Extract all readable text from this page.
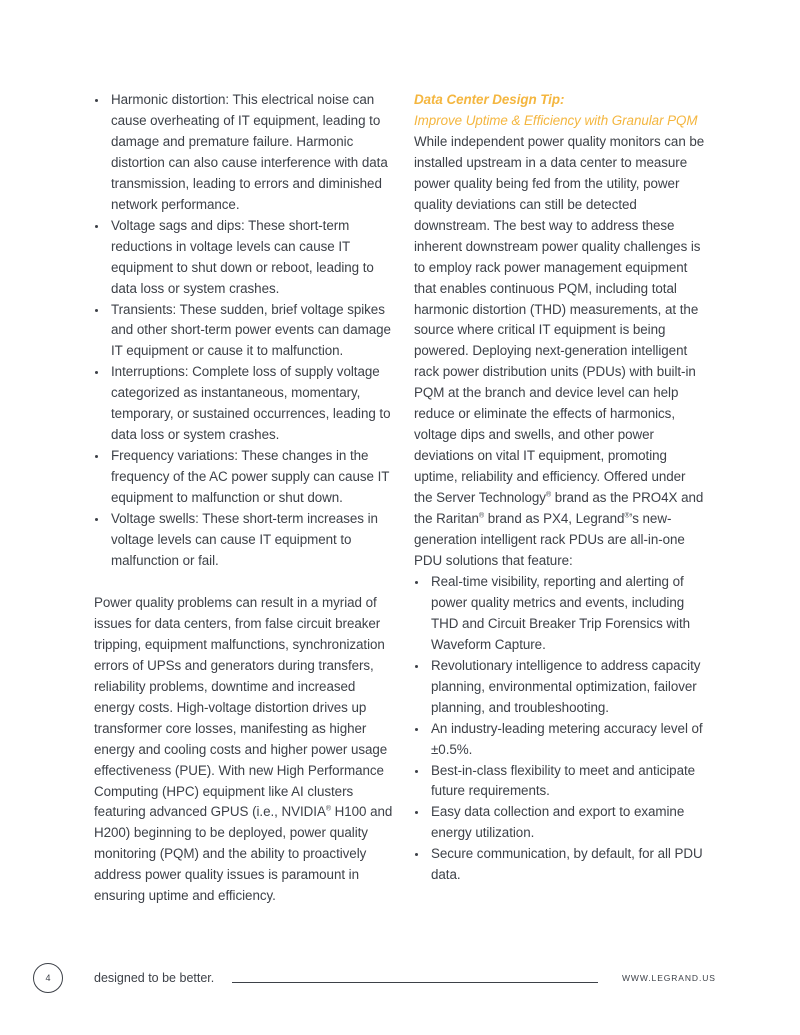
Harmonic distortion: This electrical noise can cause overheating of IT equipment, leading to damage and premature failure. Harmonic distortion can also cause interference with data transmission, leading to errors and diminished network performance.
Voltage sags and dips: These short-term reductions in voltage levels can cause IT equipment to shut down or reboot, leading to data loss or system crashes.
Transients: These sudden, brief voltage spikes and other short-term power events can damage IT equipment or cause it to malfunction.
Interruptions: Complete loss of supply voltage categorized as instantaneous, momentary, temporary, or sustained occurrences, leading to data loss or system crashes.
Frequency variations: These changes in the frequency of the AC power supply can cause IT equipment to malfunction or shut down.
Voltage swells: These short-term increases in voltage levels can cause IT equipment to malfunction or fail.

Power quality problems can result in a myriad of issues for data centers, from false circuit breaker tripping, equipment malfunctions, synchronization errors of UPSs and generators during transfers, reliability problems, downtime and increased energy costs. High-voltage distortion drives up transformer core losses, manifesting as higher energy and cooling costs and higher power usage effectiveness (PUE). With new High Performance Computing (HPC) equipment like AI clusters featuring advanced GPUS (i.e., NVIDIA® H100 and H200) beginning to be deployed, power quality monitoring (PQM) and the ability to proactively address power quality issues is paramount in ensuring uptime and efficiency.

Data Center Design Tip:

Improve Uptime & Efficiency with Granular PQM

While independent power quality monitors can be installed upstream in a data center to measure power quality being fed from the utility, power quality deviations can still be detected downstream. The best way to address these inherent downstream power quality challenges is to employ rack power management equipment that enables continuous PQM, including total harmonic distortion (THD) measurements, at the source where critical IT equipment is being powered. Deploying next-generation intelligent rack power distribution units (PDUs) with built-in PQM at the branch and device level can help reduce or eliminate the effects of harmonics, voltage dips and swells, and other power deviations on vital IT equipment, promoting uptime, reliability and efficiency. Offered under the Server Technology® brand as the PRO4X and the Raritan® brand as PX4, Legrand®’s new-generation intelligent rack PDUs are all-in-one PDU solutions that feature:

Real-time visibility, reporting and alerting of power quality metrics and events, including THD and Circuit Breaker Trip Forensics with Waveform Capture.
Revolutionary intelligence to address capacity planning, environmental optimization, failover planning, and troubleshooting.
An industry-leading metering accuracy level of ±0.5%.
Best-in-class flexibility to meet and anticipate future requirements.
Easy data collection and export to examine energy utilization.
Secure communication, by default, for all PDU data.
4	designed to be better.	WWW.LEGRAND.US
